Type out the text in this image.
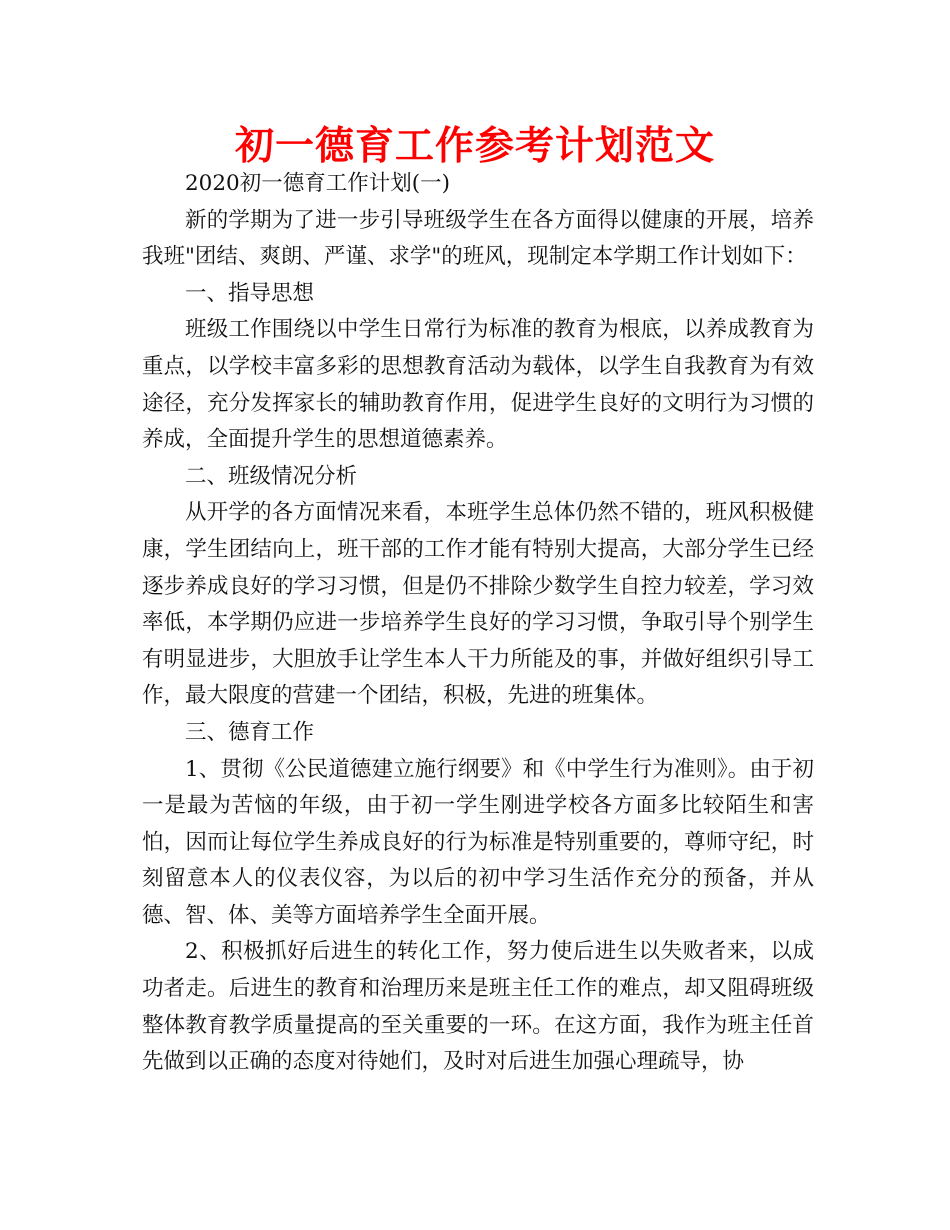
初一德育工作参考计划范文

2020初一德育工作计划(一)

新的学期为了进一步引导班级学生在各方面得以健康的开展，培养我班"团结、爽朗、严谨、求学"的班风，现制定本学期工作计划如下：

一、指导思想

班级工作围绕以中学生日常行为标准的教育为根底，以养成教育为重点，以学校丰富多彩的思想教育活动为载体，以学生自我教育为有效途径，充分发挥家长的辅助教育作用，促进学生良好的文明行为习惯的养成，全面提升学生的思想道德素养。

二、班级情况分析

从开学的各方面情况来看，本班学生总体仍然不错的，班风积极健康，学生团结向上，班干部的工作才能有特别大提高，大部分学生已经逐步养成良好的学习习惯，但是仍不排除少数学生自控力较差，学习效率低，本学期仍应进一步培养学生良好的学习习惯，争取引导个别学生有明显进步，大胆放手让学生本人干力所能及的事，并做好组织引导工作，最大限度的营建一个团结，积极，先进的班集体。

三、德育工作

1、贯彻《公民道德建立施行纲要》和《中学生行为准则》。由于初一是最为苦恼的年级，由于初一学生刚进学校各方面多比较陌生和害怕，因而让每位学生养成良好的行为标准是特别重要的，尊师守纪，时刻留意本人的仪表仪容，为以后的初中学习生活作充分的预备，并从德、智、体、美等方面培养学生全面开展。

2、积极抓好后进生的转化工作，努力使后进生以失败者来，以成功者走。后进生的教育和治理历来是班主任工作的难点，却又阻碍班级整体教育教学质量提高的至关重要的一环。在这方面，我作为班主任首先做到以正确的态度对待她们，及时对后进生加强心理疏导，协
